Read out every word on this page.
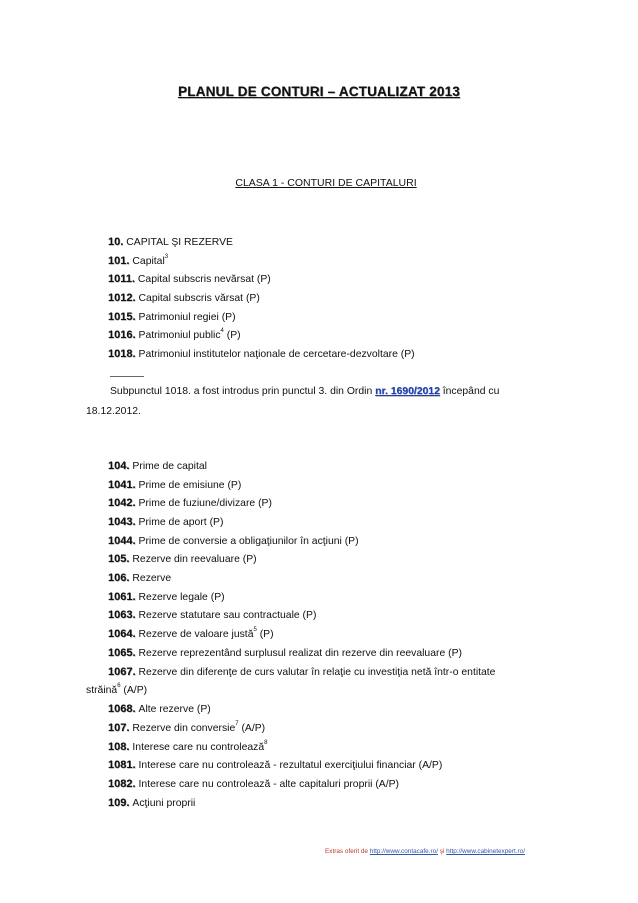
PLANUL DE CONTURI – ACTUALIZAT 2013
CLASA 1 - CONTURI DE CAPITALURI
10. CAPITAL ŞI REZERVE
101. Capital$^3$
1011. Capital subscris nevărsat (P)
1012. Capital subscris vărsat (P)
1015. Patrimoniul regiei (P)
1016. Patrimoniul public$^4$ (P)
1018. Patrimoniul institutelor naţionale de cercetare-dezvoltare (P)
Subpunctul 1018. a fost introdus prin punctul 3. din Ordin nr. 1690/2012 începând cu
18.12.2012.
104. Prime de capital
1041. Prime de emisiune (P)
1042. Prime de fuziune/divizare (P)
1043. Prime de aport (P)
1044. Prime de conversie a obligaţiunilor în acţiuni (P)
105. Rezerve din reevaluare (P)
106. Rezerve
1061. Rezerve legale (P)
1063. Rezerve statutare sau contractuale (P)
1064. Rezerve de valoare justă$^5$ (P)
1065. Rezerve reprezentând surplusul realizat din rezerve din reevaluare (P)
1067. Rezerve din diferenţe de curs valutar în relaţie cu investiţia netă într-o entitate
străină$^6$ (A/P)
1068. Alte rezerve (P)
107. Rezerve din conversie$^7$ (A/P)
108. Interese care nu controlează$^8$
1081. Interese care nu controlează - rezultatul exerciţiului financiar (A/P)
1082. Interese care nu controlează - alte capitaluri proprii (A/P)
109. Acţiuni proprii
Extras oferit de http://www.contacafe.ro/ şi http://www.cabinetexpert.ro/
